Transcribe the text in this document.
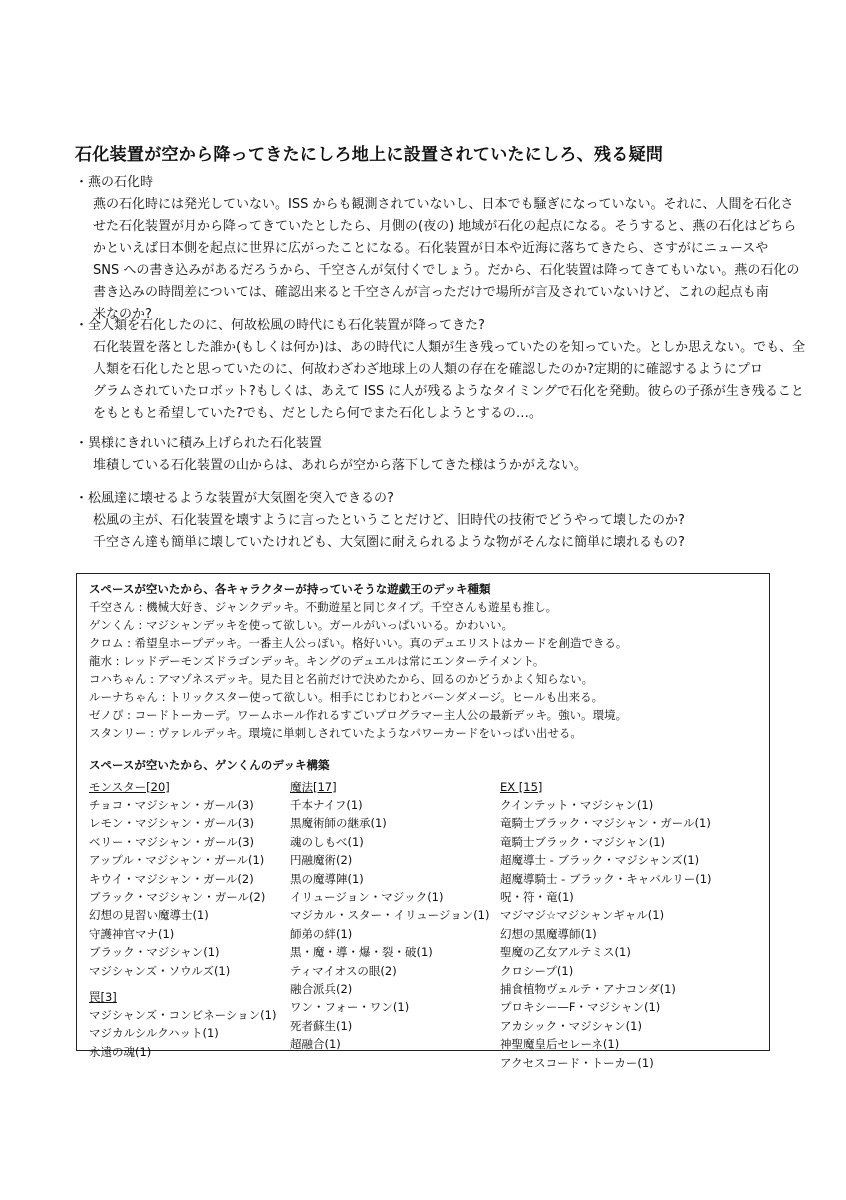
石化装置が空から降ってきたにしろ地上に設置されていたにしろ、残る疑問
・燕の石化時

燕の石化時には発光していない。ISS からも観測されていないし、日本でも騒ぎになっていない。それに、人間を石化さ

せた石化装置が月から降ってきていたとしたら、月側の(夜の) 地域が石化の起点になる。そうすると、燕の石化はどちら

かといえば日本側を起点に世界に広がったことになる。石化装置が日本や近海に落ちてきたら、さすがにニュースや

SNS への書き込みがあるだろうから、千空さんが気付くでしょう。だから、石化装置は降ってきてもいない。燕の石化の

書き込みの時間差については、確認出来ると千空さんが言っただけで場所が言及されていないけど、これの起点も南

米なのか?

・全人類を石化したのに、何故松風の時代にも石化装置が降ってきた?

石化装置を落とした誰か(もしくは何か)は、あの時代に人類が生き残っていたのを知っていた。としか思えない。でも、全

人類を石化したと思っていたのに、何故わざわざ地球上の人類の存在を確認したのか?定期的に確認するようにプロ

グラムされていたロボット?もしくは、あえて ISS に人が残るようなタイミングで石化を発動。彼らの子孫が生き残ること

をもともと希望していた?でも、だとしたら何でまた石化しようとするの…。

・異様にきれいに積み上げられた石化装置

堆積している石化装置の山からは、あれらが空から落下してきた様はうかがえない。

・松風達に壊せるような装置が大気圏を突入できるの?

松風の主が、石化装置を壊すように言ったということだけど、旧時代の技術でどうやって壊したのか?

千空さん達も簡単に壊していたけれども、大気圏に耐えられるような物がそんなに簡単に壊れるもの?

スペースが空いたから、各キャラクターが持っていそうな遊戯王のデッキ種類
千空さん : 機械大好き、ジャンクデッキ。不動遊星と同じタイプ。千空さんも遊星も推し。
ゲンくん : マジシャンデッキを使って欲しい。ガールがいっぱいいる。かわいい。
クロム : 希望皇ホープデッキ。一番主人公っぽい。格好いい。真のデュエリストはカードを創造できる。
龍水 : レッドデーモンズドラゴンデッキ。キングのデュエルは常にエンターテイメント。
コハちゃん : アマゾネスデッキ。見た目と名前だけで決めたから、回るのかどうかよく知らない。
ルーナちゃん : トリックスター使って欲しい。相手にじわじわとバーンダメージ。ヒールも出来る。
ゼノぴ : コードトーカーデ。ワームホール作れるすごいプログラマー主人公の最新デッキ。強い。環境。
スタンリー : ヴァレルデッキ。環境に単刺しされていたようなパワーカードをいっぱい出せる。
スペースが空いたから、ゲンくんのデッキ構築
モンスター[20]
チョコ・マジシャン・ガール(3)
レモン・マジシャン・ガール(3)
ベリー・マジシャン・ガール(3)
アップル・マジシャン・ガール(1)
キウイ・マジシャン・ガール(2)
ブラック・マジシャン・ガール(2)
幻想の見習い魔導士(1)
守護神官マナ(1)
ブラック・マジシャン(1)
マジシャンズ・ソウルズ(1)
罠[3]
マジシャンズ・コンビネーション(1)
マジカルシルクハット(1)
永遠の魂(1)
魔法[17]
千本ナイフ(1)
黒魔術師の継承(1)
魂のしもべ(1)
円融魔術(2)
黒の魔導陣(1)
イリュージョン・マジック(1)
マジカル・スター・イリュージョン(1)
師弟の絆(1)
黒・魔・導・爆・裂・破(1)
ティマイオスの眼(2)
融合派兵(2)
ワン・フォー・ワン(1)
死者蘇生(1)
超融合(1)
EX [15]
クインテット・マジシャン(1)
竜騎士ブラック・マジシャン・ガール(1)
竜騎士ブラック・マジシャン(1)
超魔導士 - ブラック・マジシャンズ(1)
超魔導騎士 - ブラック・キャバルリー(1)
呪・符・竜(1)
マジマジ☆マジシャンギャル(1)
幻想の黒魔導師(1)
聖魔の乙女アルテミス(1)
クロシープ(1)
捕食植物ヴェルテ・アナコンダ(1)
プロキシー—F・マジシャン(1)
アカシック・マジシャン(1)
神聖魔皇后セレーネ(1)
アクセスコード・トーカー(1)
